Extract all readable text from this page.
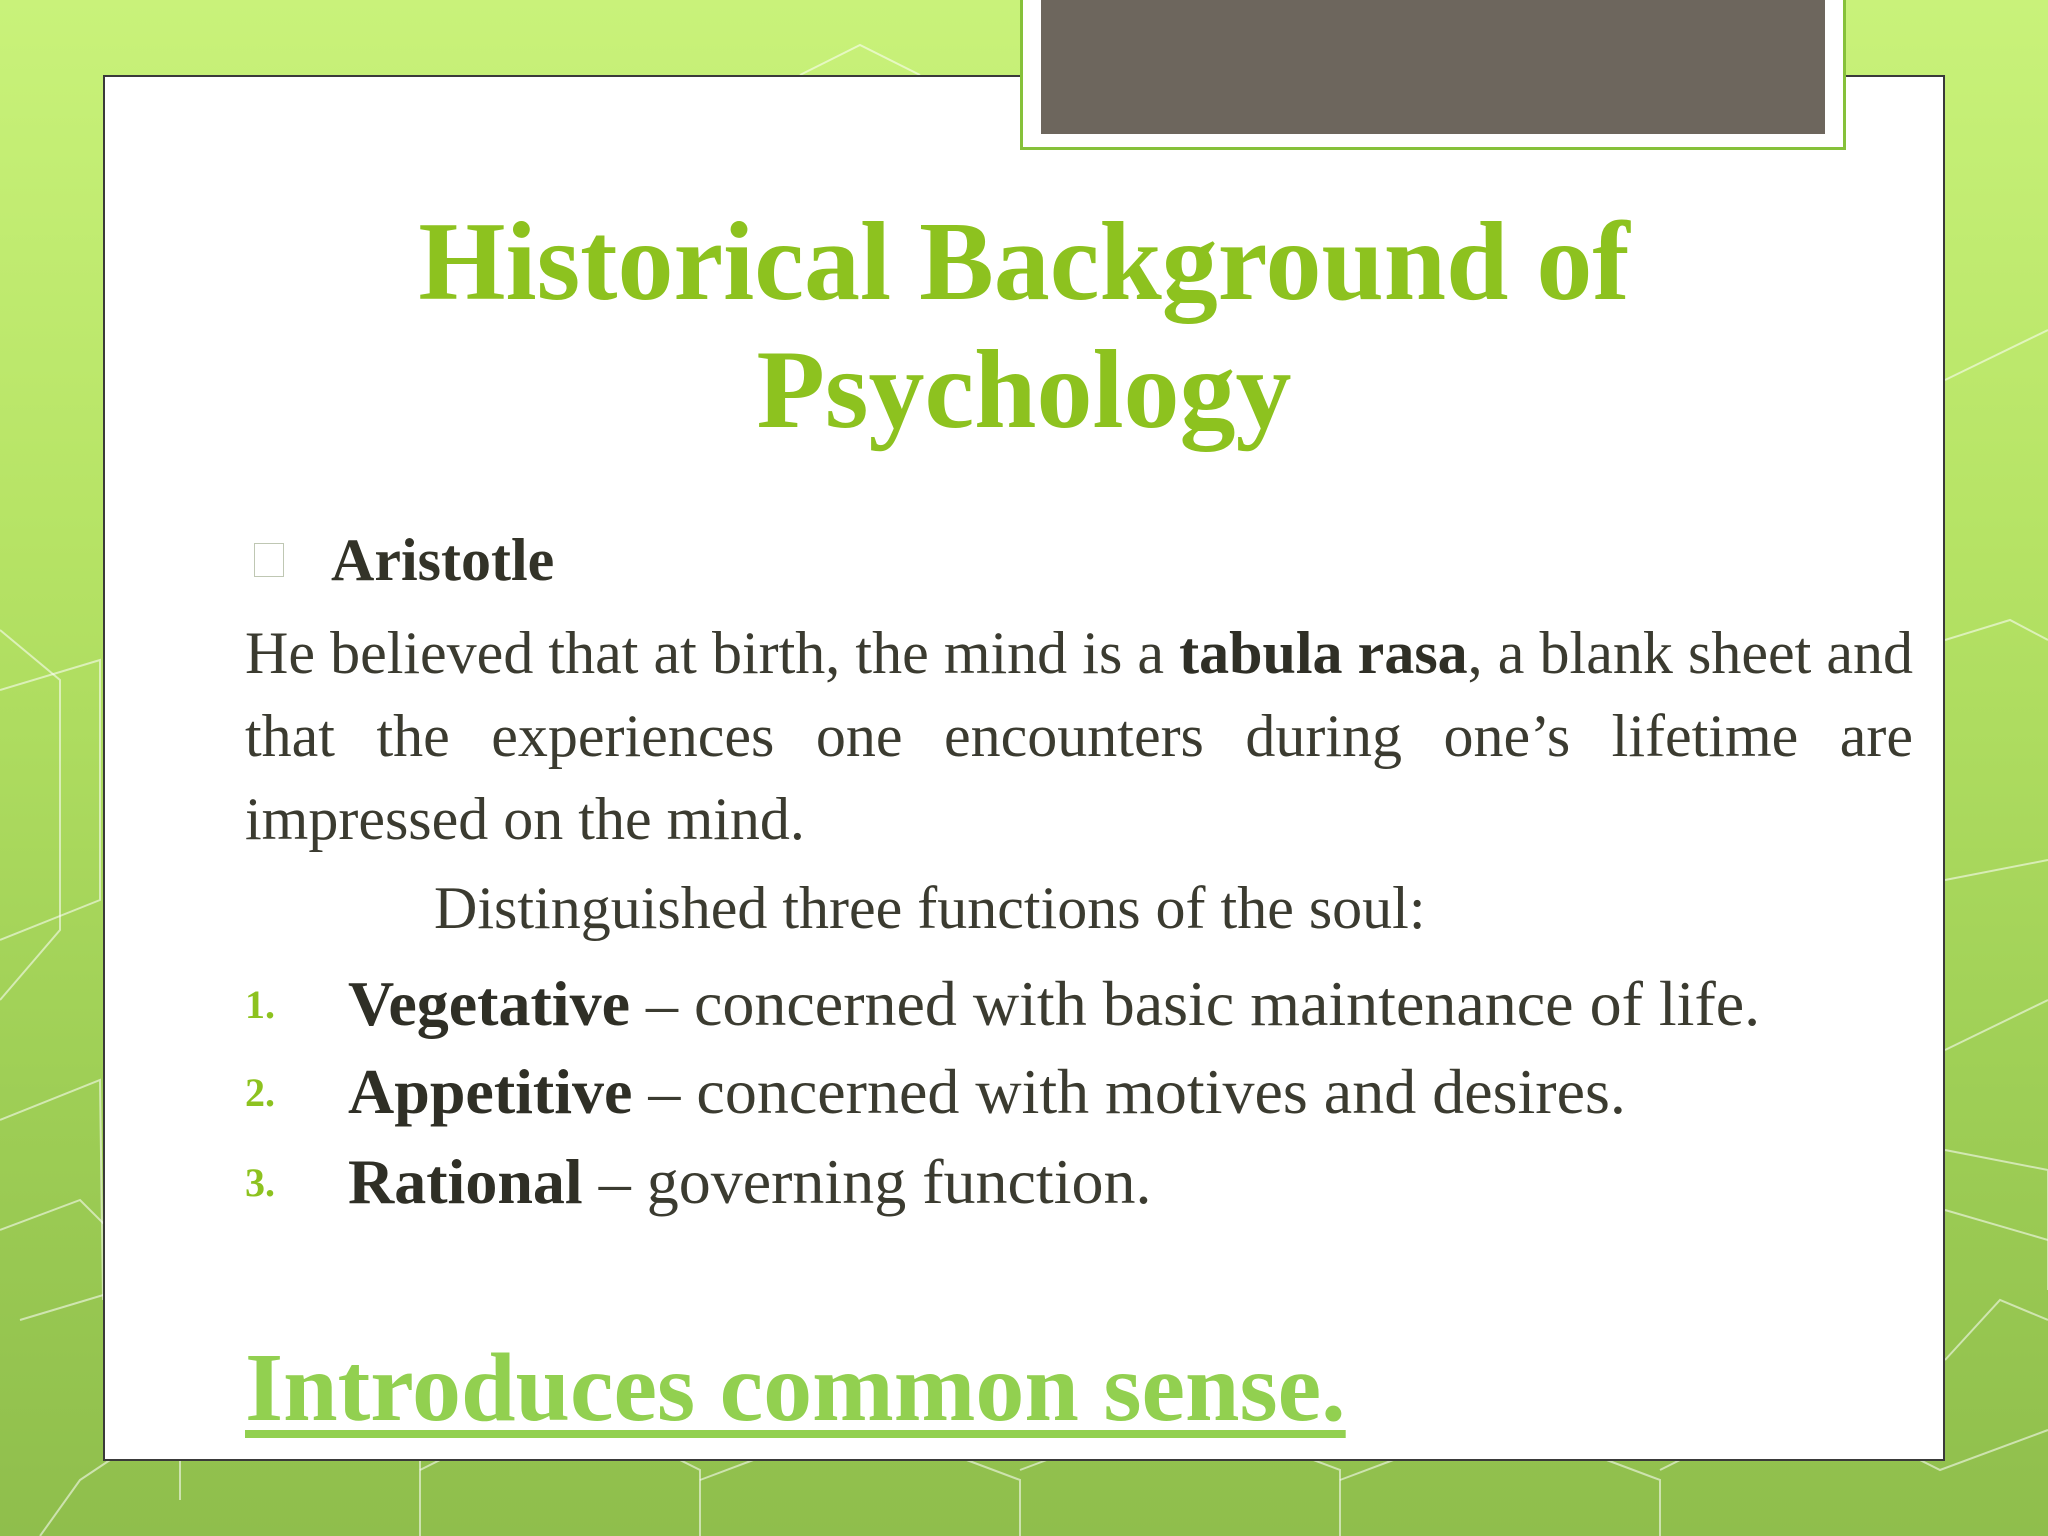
Historical Background of
Psychology
Aristotle
He believed that at birth, the mind is a tabula rasa, a blank sheet and that the experiences one encounters during one’s lifetime are impressed on the mind.
Distinguished three functions of the soul:
1.	Vegetative – concerned with basic maintenance of life.
2.	Appetitive – concerned with motives and desires.
3.	Rational – governing function.
Introduces common sense.
